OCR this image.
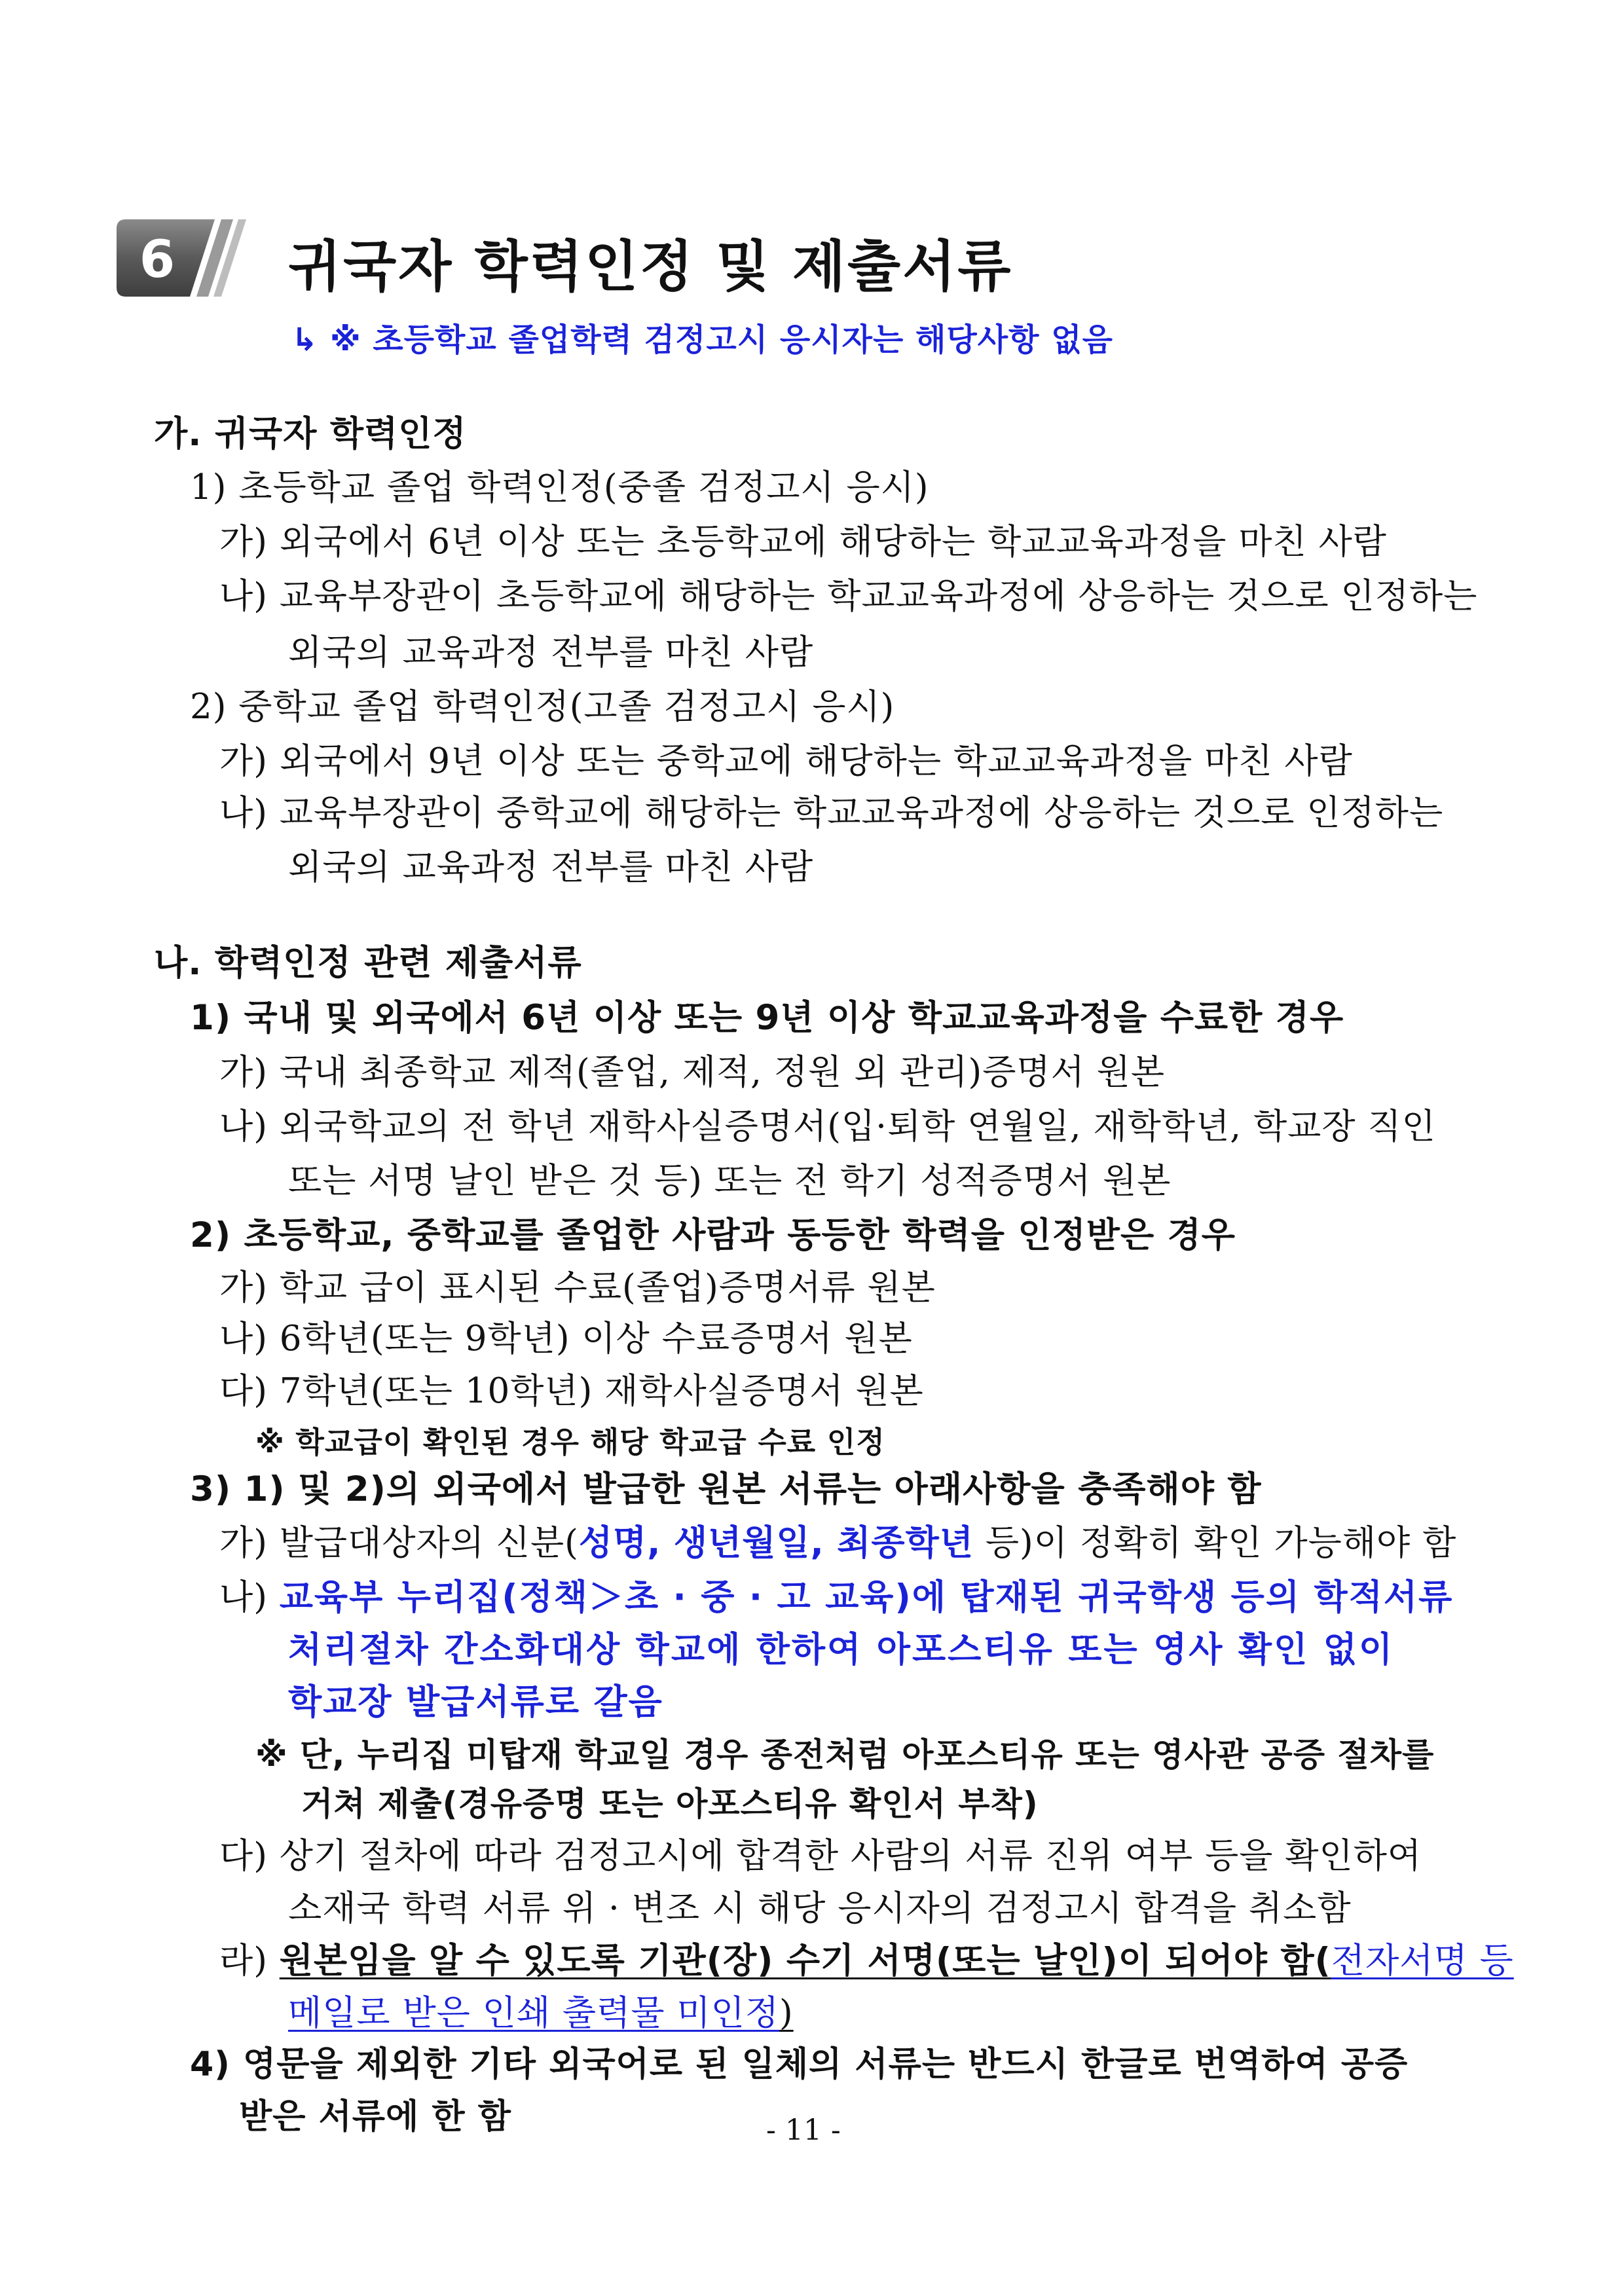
6 귀국자 학력인정 및 제출서류
↳ ※ 초등학교 졸업학력 검정고시 응시자는 해당사항 없음
가. 귀국자 학력인정
1) 초등학교 졸업 학력인정(중졸 검정고시 응시)
가) 외국에서 6년 이상 또는 초등학교에 해당하는 학교교육과정을 마친 사람
나) 교육부장관이 초등학교에 해당하는 학교교육과정에 상응하는 것으로 인정하는
외국의 교육과정 전부를 마친 사람
2) 중학교 졸업 학력인정(고졸 검정고시 응시)
가) 외국에서 9년 이상 또는 중학교에 해당하는 학교교육과정을 마친 사람
나) 교육부장관이 중학교에 해당하는 학교교육과정에 상응하는 것으로 인정하는
외국의 교육과정 전부를 마친 사람
나. 학력인정 관련 제출서류
1) 국내 및 외국에서 6년 이상 또는 9년 이상 학교교육과정을 수료한 경우
가) 국내 최종학교 제적(졸업, 제적, 정원 외 관리)증명서 원본
나) 외국학교의 전 학년 재학사실증명서(입·퇴학 연월일, 재학학년, 학교장 직인
또는 서명 날인 받은 것 등) 또는 전 학기 성적증명서 원본
2) 초등학교, 중학교를 졸업한 사람과 동등한 학력을 인정받은 경우
가) 학교 급이 표시된 수료(졸업)증명서류 원본
나) 6학년(또는 9학년) 이상 수료증명서 원본
다) 7학년(또는 10학년) 재학사실증명서 원본
※ 학교급이 확인된 경우 해당 학교급 수료 인정
3) 1) 및 2)의 외국에서 발급한 원본 서류는 아래사항을 충족해야 함
가) 발급대상자의 신분(성명, 생년월일, 최종학년 등)이 정확히 확인 가능해야 함
나) 교육부 누리집(정책＞초 · 중 · 고 교육)에 탑재된 귀국학생 등의 학적서류
처리절차 간소화대상 학교에 한하여 아포스티유 또는 영사 확인 없이
학교장 발급서류로 갈음
※ 단, 누리집 미탑재 학교일 경우 종전처럼 아포스티유 또는 영사관 공증 절차를
거쳐 제출(경유증명 또는 아포스티유 확인서 부착)
다) 상기 절차에 따라 검정고시에 합격한 사람의 서류 진위 여부 등을 확인하여
소재국 학력 서류 위 · 변조 시 해당 응시자의 검정고시 합격을 취소함
라) 원본임을 알 수 있도록 기관(장) 수기 서명(또는 날인)이 되어야 함(전자서명 등
메일로 받은 인쇄 출력물 미인정)
4) 영문을 제외한 기타 외국어로 된 일체의 서류는 반드시 한글로 번역하여 공증
받은 서류에 한 함	- 11 -
